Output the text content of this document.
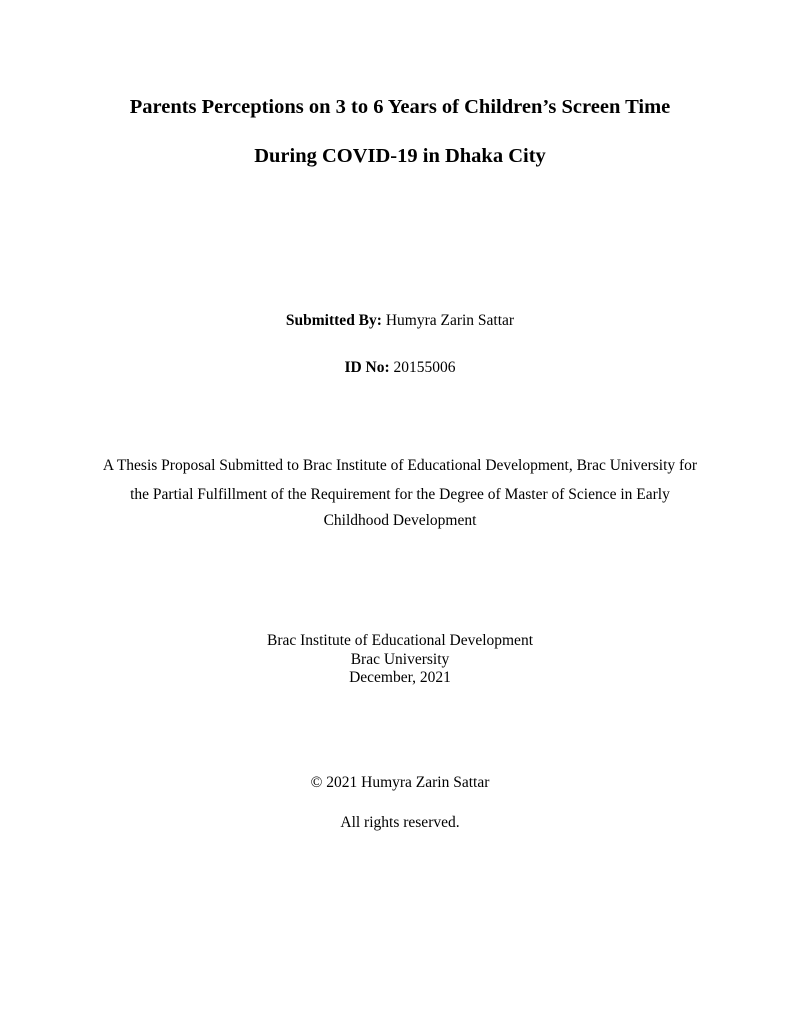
Parents Perceptions on 3 to 6 Years of Children’s Screen Time
During COVID-19 in Dhaka City

Submitted By: Humyra Zarin Sattar

ID No: 20155006

A Thesis Proposal Submitted to Brac Institute of Educational Development, Brac University for

the Partial Fulfillment of the Requirement for the Degree of Master of Science in Early

Childhood Development

Brac Institute of Educational Development

Brac University

December, 2021

© 2021 Humyra Zarin Sattar

All rights reserved.
